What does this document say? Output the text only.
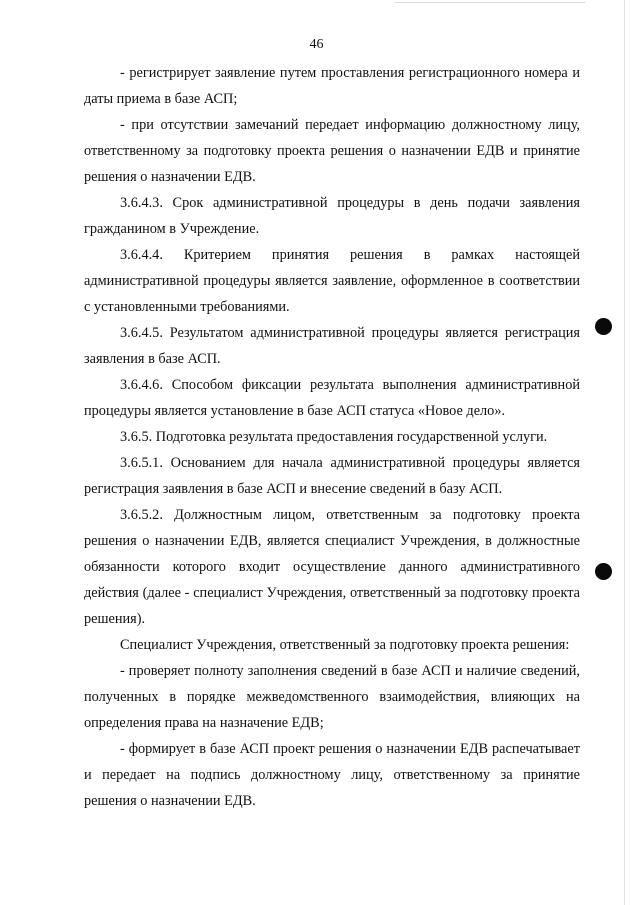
46

- регистрирует заявление путем проставления регистрационного номера и даты приема в базе АСП;

- при отсутствии замечаний передает информацию должностному лицу, ответственному за подготовку проекта решения о назначении ЕДВ и принятие решения о назначении ЕДВ.

3.6.4.3. Срок административной процедуры в день подачи заявления гражданином в Учреждение.

3.6.4.4. Критерием принятия решения в рамках настоящей административной процедуры является заявление, оформленное в соответствии с установленными требованиями.

3.6.4.5. Результатом административной процедуры является регистрация заявления в базе АСП.

3.6.4.6. Способом фиксации результата выполнения административной процедуры является установление в базе АСП статуса «Новое дело».

3.6.5. Подготовка результата предоставления государственной услуги.

3.6.5.1. Основанием для начала административной процедуры является регистрация заявления в базе АСП и внесение сведений в базу АСП.

3.6.5.2. Должностным лицом, ответственным за подготовку проекта решения о назначении ЕДВ, является специалист Учреждения, в должностные обязанности которого входит осуществление данного административного действия (далее - специалист Учреждения, ответственный за подготовку проекта решения).

Специалист Учреждения, ответственный за подготовку проекта решения:

- проверяет полноту заполнения сведений в базе АСП и наличие сведений, полученных в порядке межведомственного взаимодействия, влияющих на определения права на назначение ЕДВ;

- формирует в базе АСП проект решения о назначении ЕДВ распечатывает и передает на подпись должностному лицу, ответственному за принятие решения о назначении ЕДВ.
